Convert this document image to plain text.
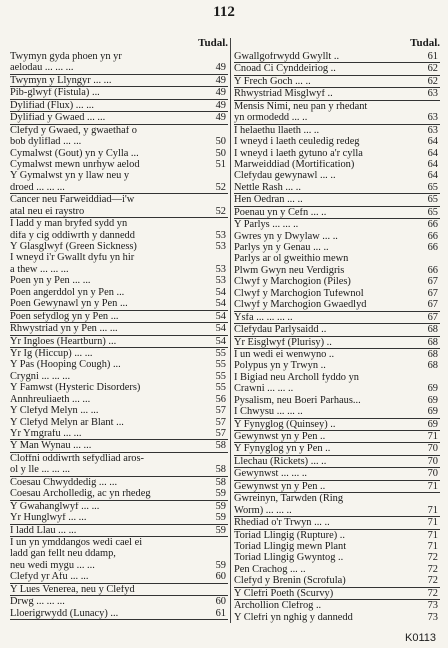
112
Tudal.
Twymyn gyda phoen yn yr
aelodau ... ... ...	49
Twymyn y Llyngyr ... ...	49
Pib-glwyf (Fistula) ...	49
Dylifiad (Flux) ... ...	49
Dylifiad y Gwaed ... ...	49
Clefyd y Gwaed, y gwaethaf o
bob dyliflad ... ...	50
Cymalwst (Gout) yn y Cylla ...	50
Cymalwst mewn unrhyw aelod	51
Y Gymalwst yn y llaw neu y
droed ... ... ...	52
Cancer neu Farweiddiad—i'w
atal neu ei raystro	52
I ladd y man bryfed sydd yn
difa y cig oddiwrth y dannedd	53
Y Glasglwyf (Green Sickness)	53
I wneyd i'r Gwallt dyfu yn hir
a thew ... ... ...	53
Poen yn y Pen ... ...	53
Poen angerddol yn y Pen ...	54
Poen Gewynawl yn y Pen ...	54
Poen sefydlog yn y Pen ...	54
Rhwystriad yn y Pen ... ...	54
Yr Ingloes (Heartburn) ...	54
Yr Ig (Hiccup) ... ...	55
Y Pas (Hooping Cough) ...	55
Crygni ... ... ...	55
Y Famwst (Hysteric Disorders)	55
Annhreuliaeth ... ...	56
Y Clefyd Melyn ... ...	57
Y Clefyd Melyn ar Blant ...	57
Yr Ymgrafu ... ...	57
Y Man Wynau ... ...	58
Cloffni oddiwrth sefydliad aros-
ol y lle ... ... ...	58
Coesau Chwyddedig ... ...	58
Coesau Archolledig, ac yn rhedeg	59
Y Gwahanglwyf ... ...	59
Yr Hunglwyf ... ...	59
I ladd Llau ... ...	59
I un yn ymddangos wedi cael ei
ladd gan fellt neu ddamp,
neu wedi mygu ... ...	59
Clefyd yr Afu ... ...	60
Y Lues Venerea, neu y Clefyd
Drwg ... ... ...	60
Lloerigrwydd (Lunacy) ...	61
Tudal.
Gwallgofrwydd Gwyllt ..	61
Cnoad Ci Cynddeiriog ..	62
Y Frech Goch ... ..	62
Rhwystriad Misglwyf ..	63
Mensis Nimi, neu pan y rhedant
yn ormodedd ... ..	63
I helaethu llaeth ... ..	63
I wneyd i laeth ceuledig redeg	64
I wneyd i laeth gytuno a'r cylla	64
Marweiddiad (Mortification)	64
Clefydau gewynawl ... ..	64
Nettle Rash ... ..	65
Hen Oedran ... ..	65
Poenau yn y Cefn ... ..	65
Y Parlys ... ... ..	66
Gwres yn y Dwylaw ... ..	66
Parlys yn y Genau ... ..	66
Parlys ar ol gweithio mewn
Plwm Gwyn neu Verdigris	66
Clwyf y Marchogion (Piles)	67
Clwyf y Marchogion Tufewnol	67
Clwyf y Marchogion Gwaedlyd	67
Ysfa ... ... ... ..	67
Clefydau Parlysaidd ..	68
Yr Eisglwyf (Plurisy) ..	68
I un wedi ei wenwyno ..	68
Polypus yn y Trwyn ..	68
I Bigiad neu Archoll fyddo yn
Crawni ... ... ..	69
Pysalism, neu Boeri Parhaus...	69
I Chwysu ... ... ..	69
Y Fynyglog (Quinsey) ..	69
Gewynwst yn y Pen ..	71
Y Fynyglog yn y Pen ..	70
Llechau (Rickets) ... ..	70
Gewynwst ... ... ..	70
Gewynwst yn y Pen ..	71
Gwreinyn, Tarwden (Ring
Worm) ... ... ..	71
Rhediad o'r Trwyn ... ..	71
Toriad Llingig (Rupture) ..	71
Toriad Llingig mewn Plant	71
Toriad Llingig Gwyntog ..	72
Pen Crachog ... ..	72
Clefyd y Brenin (Scrofula)	72
Y Clefri Poeth (Scurvy)	72
Archollion Clefrog ..	73
Y Clefri yn nghig y dannedd	73
K0113
